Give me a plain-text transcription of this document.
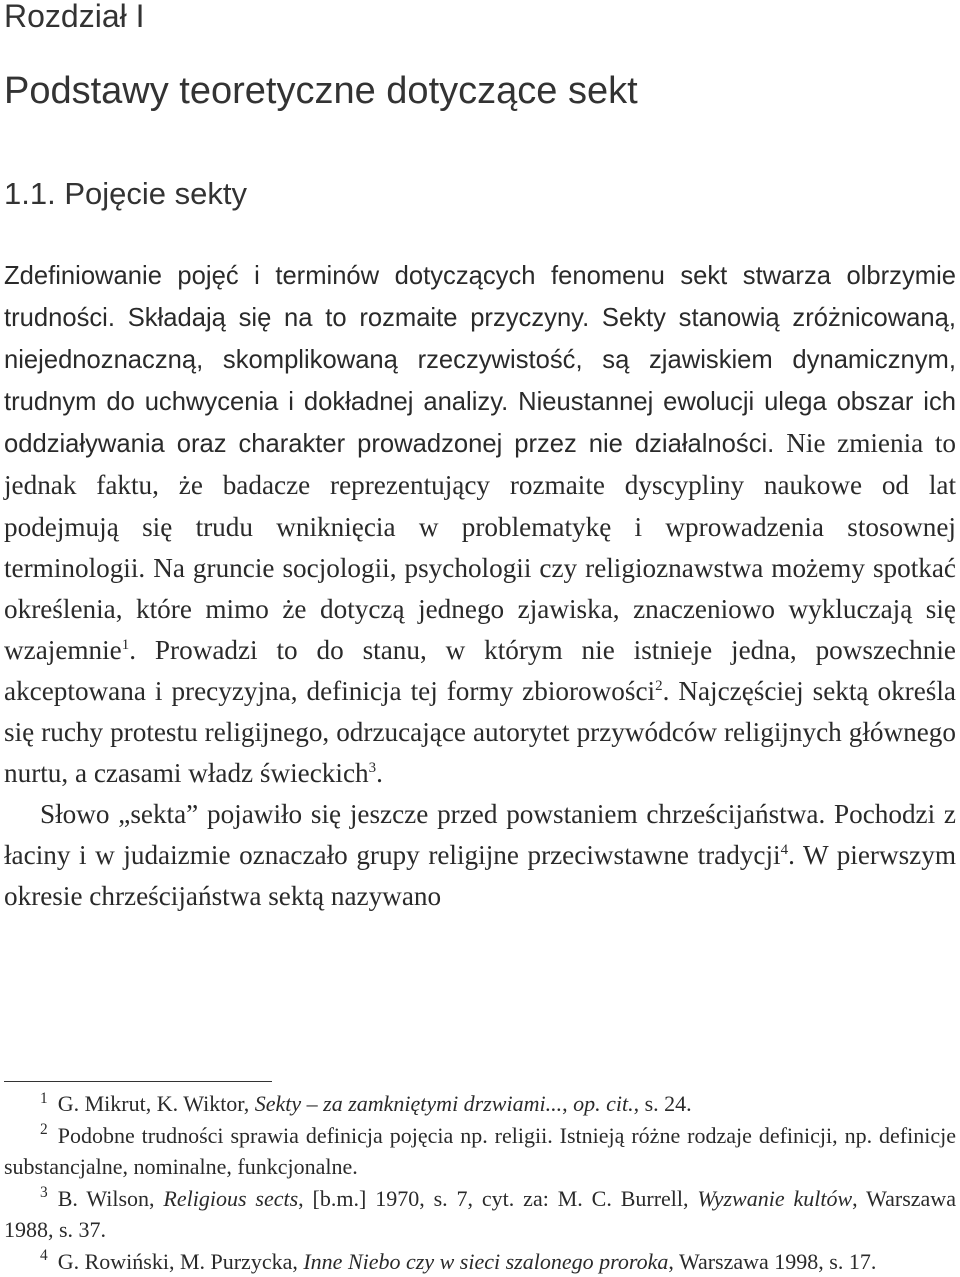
Rozdział I
Podstawy teoretyczne dotyczące sekt
1.1. Pojęcie sekty

Zdefiniowanie pojęć i terminów dotyczących fenomenu sekt stwarza olbrzymie trudności. Składają się na to rozmaite przyczyny. Sekty stanowią zróżnicowaną, niejednoznaczną, skomplikowaną rzeczywistość, są zjawiskiem dynamicznym, trudnym do uchwycenia i dokładnej analizy. Nieustannej ewolucji ulega obszar ich oddziaływania oraz charakter prowadzonej przez nie działalności. Nie zmienia to jednak faktu, że badacze reprezentujący rozmaite dyscypliny naukowe od lat podejmują się trudu wniknięcia w problematykę i wprowadzenia stosownej terminologii. Na gruncie socjologii, psychologii czy religioznawstwa możemy spotkać określenia, które mimo że dotyczą jednego zjawiska, znaczeniowo wykluczają się wzajemnie$^1$. Prowadzi to do stanu, w którym nie istnieje jedna, powszechnie akceptowana i precyzyjna, definicja tej formy zbiorowości$^2$. Najczęściej sektą określa się ruchy protestu religijnego, odrzucające autorytet przywódców religijnych głównego nurtu, a czasami władz świeckich$^3$.

Słowo „sekta” pojawiło się jeszcze przed powstaniem chrześcijaństwa. Pochodzi z łaciny i w judaizmie oznaczało grupy religijne przeciwstawne tradycji$^4$. W pierwszym okresie chrześcijaństwa sektą nazywano

$^1$ G. Mikrut, K. Wiktor, Sekty – za zamkniętymi drzwiami..., op. cit., s. 24.

$^2$ Podobne trudności sprawia definicja pojęcia np. religii. Istnieją różne rodzaje definicji, np. definicje substancjalne, nominalne, funkcjonalne.

$^3$ B. Wilson, Religious sects, [b.m.] 1970, s. 7, cyt. za: M. C. Burrell, Wyzwanie kultów, Warszawa 1988, s. 37.

$^4$ G. Rowiński, M. Purzycka, Inne Niebo czy w sieci szalonego proroka, Warszawa 1998, s. 17.
